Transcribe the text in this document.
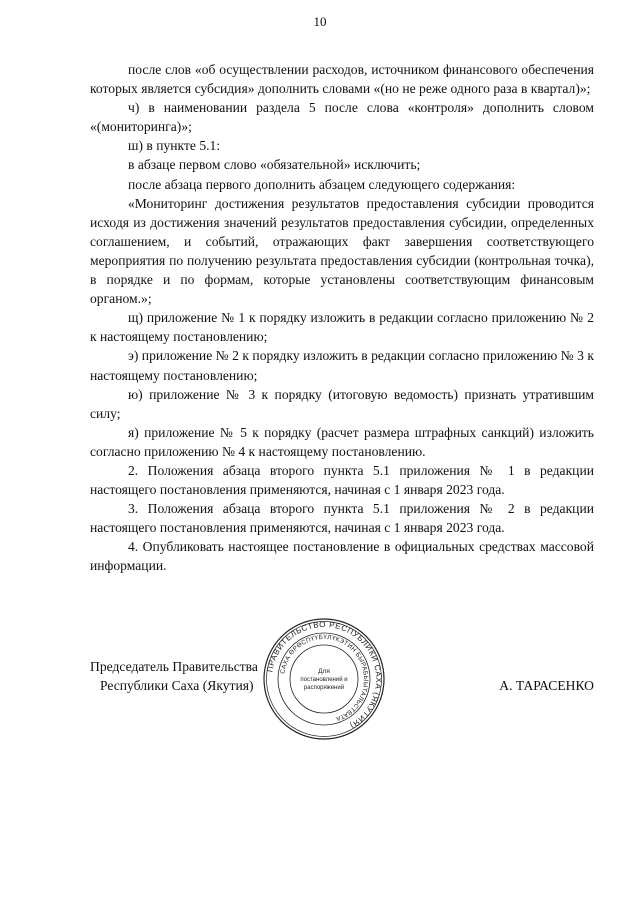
10

после слов «об осуществлении расходов, источником финансового обеспечения которых является субсидия» дополнить словами «(но не реже одного раза в квартал)»;

ч) в наименовании раздела 5 после слова «контроля» дополнить словом «(мониторинга)»;

ш) в пункте 5.1:

в абзаце первом слово «обязательной» исключить;

после абзаца первого дополнить абзацем следующего содержания:

«Мониторинг достижения результатов предоставления субсидии проводится исходя из достижения значений результатов предоставления субсидии, определенных соглашением, и событий, отражающих факт завершения соответствующего мероприятия по получению результата предоставления субсидии (контрольная точка), в порядке и по формам, которые установлены соответствующим финансовым органом.»;

щ) приложение № 1 к порядку изложить в редакции согласно приложению № 2 к настоящему постановлению;

э) приложение № 2 к порядку изложить в редакции согласно приложению № 3 к настоящему постановлению;

ю) приложение № 3 к порядку (итоговую ведомость) признать утратившим силу;

я) приложение № 5 к порядку (расчет размера штрафных санкций) изложить согласно приложению № 4 к настоящему постановлению.

2. Положения абзаца второго пункта 5.1 приложения № 1 в редакции настоящего постановления применяются, начиная с 1 января 2023 года.

3. Положения абзаца второго пункта 5.1 приложения № 2 в редакции настоящего постановления применяются, начиная с 1 января 2023 года.

4. Опубликовать настоящее постановление в официальных средствах массовой информации.

ПРАВИТЕЛЬСТВО РЕСПУБЛИКИ САХА (ЯКУТИЯ)
САХА ӨРӨСПҮҮБҮЛҮКЭТИН БЫРАБЫЫТАЛЬСТВАТА
Для
постановлений и
распоряжений
Председатель Правительства
Республики Саха (Якутия)	А. ТАРАСЕНКО
